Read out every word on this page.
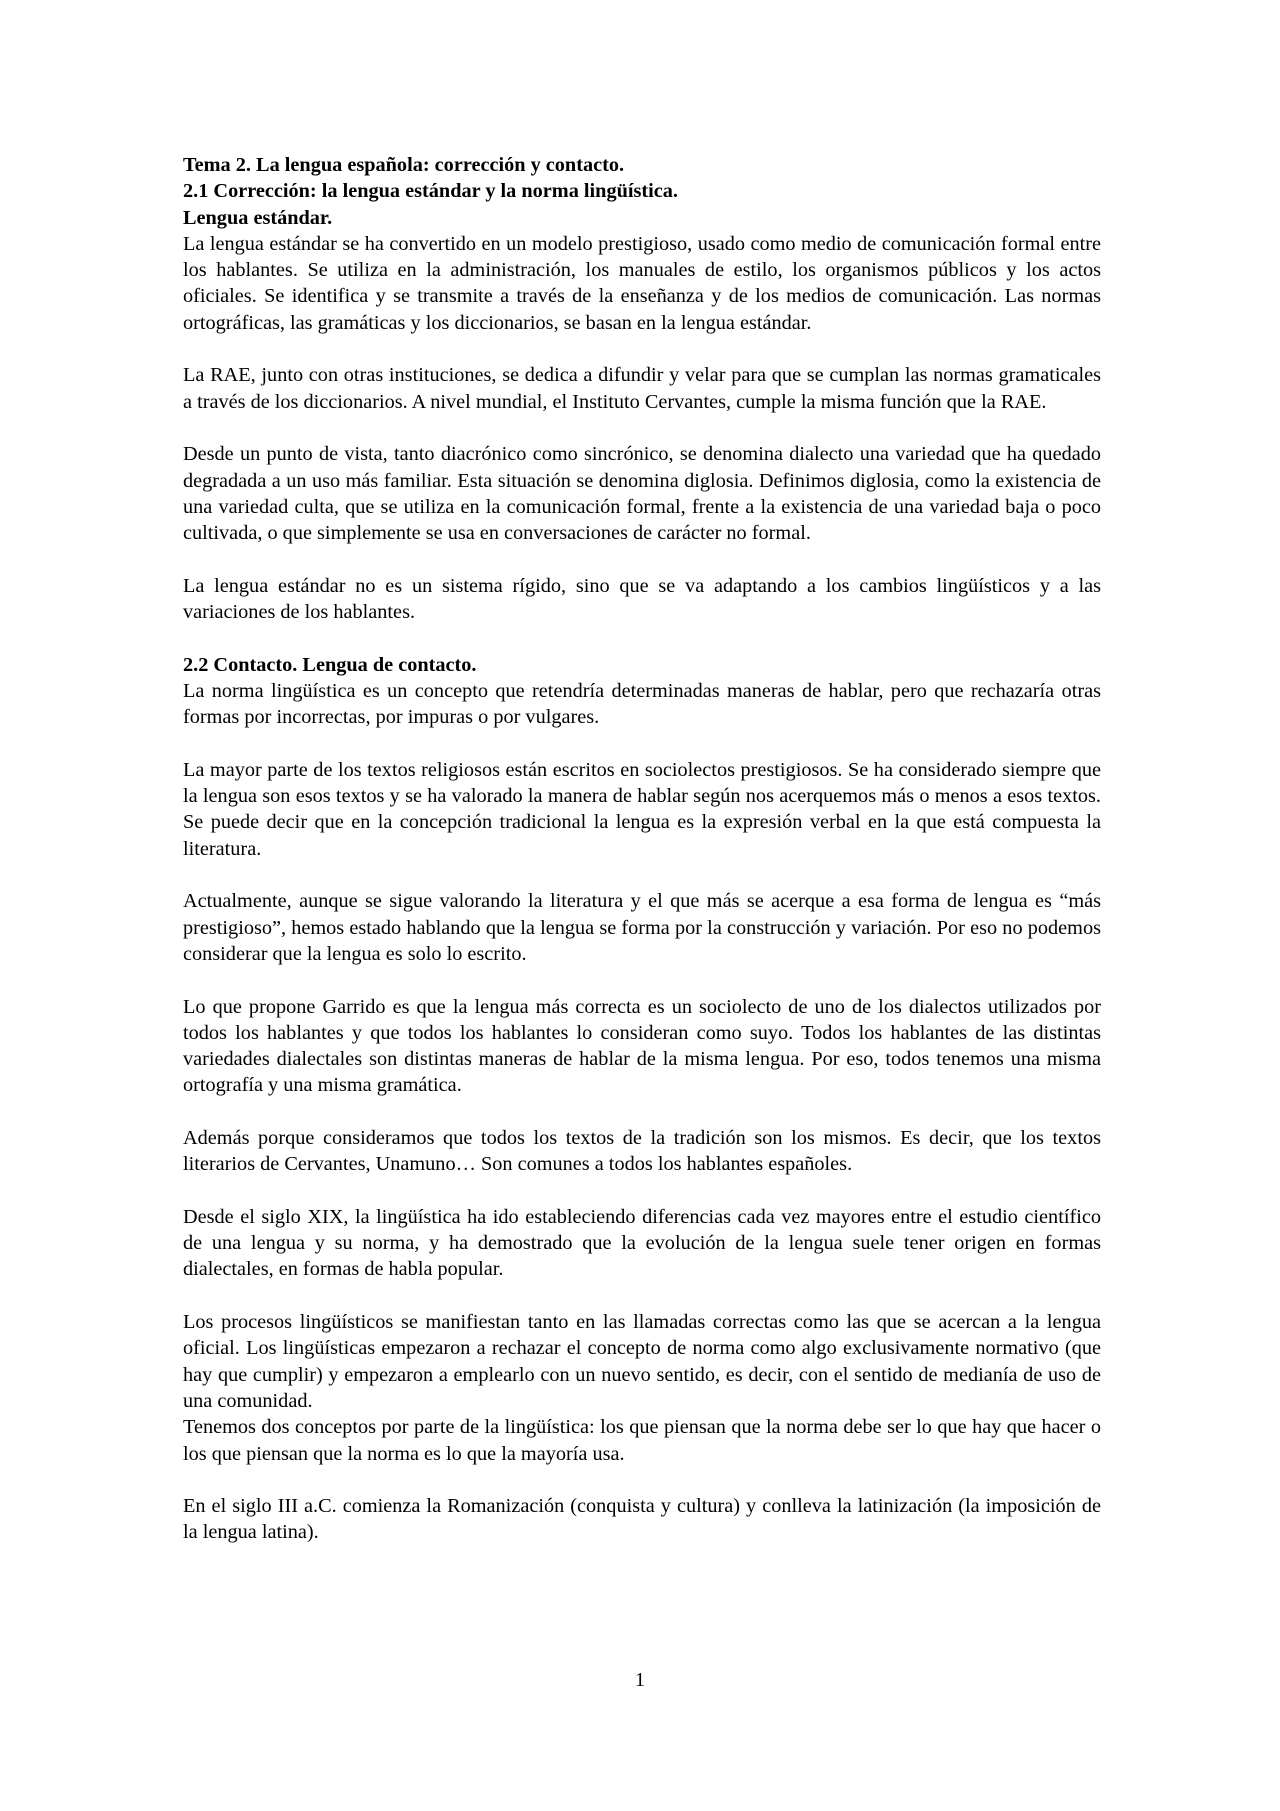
Tema 2. La lengua española: corrección y contacto.

2.1 Corrección: la lengua estándar y la norma lingüística.

Lengua estándar.

La lengua estándar se ha convertido en un modelo prestigioso, usado como medio de comunicación formal entre los hablantes. Se utiliza en la administración, los manuales de estilo, los organismos públicos y los actos oficiales. Se identifica y se transmite a través de la enseñanza y de los medios de comunicación. Las normas ortográficas, las gramáticas y los diccionarios, se basan en la lengua estándar.

La RAE, junto con otras instituciones, se dedica a difundir y velar para que se cumplan las normas gramaticales a través de los diccionarios. A nivel mundial, el Instituto Cervantes, cumple la misma función que la RAE.

Desde un punto de vista, tanto diacrónico como sincrónico, se denomina dialecto una variedad que ha quedado degradada a un uso más familiar. Esta situación se denomina diglosia. Definimos diglosia, como la existencia de una variedad culta, que se utiliza en la comunicación formal, frente a la existencia de una variedad baja o poco cultivada, o que simplemente se usa en conversaciones de carácter no formal.

La lengua estándar no es un sistema rígido, sino que se va adaptando a los cambios lingüísticos y a las variaciones de los hablantes.

2.2 Contacto. Lengua de contacto.

La norma lingüística es un concepto que retendría determinadas maneras de hablar, pero que rechazaría otras formas por incorrectas, por impuras o por vulgares.

La mayor parte de los textos religiosos están escritos en sociolectos prestigiosos. Se ha considerado siempre que la lengua son esos textos y se ha valorado la manera de hablar según nos acerquemos más o menos a esos textos. Se puede decir que en la concepción tradicional la lengua es la expresión verbal en la que está compuesta la literatura.

Actualmente, aunque se sigue valorando la literatura y el que más se acerque a esa forma de lengua es “más prestigioso”, hemos estado hablando que la lengua se forma por la construcción y variación. Por eso no podemos considerar que la lengua es solo lo escrito.

Lo que propone Garrido es que la lengua más correcta es un sociolecto de uno de los dialectos utilizados por todos los hablantes y que todos los hablantes lo consideran como suyo. Todos los hablantes de las distintas variedades dialectales son distintas maneras de hablar de la misma lengua. Por eso, todos tenemos una misma ortografía y una misma gramática.

Además porque consideramos que todos los textos de la tradición son los mismos. Es decir, que los textos literarios de Cervantes, Unamuno… Son comunes a todos los hablantes españoles.

Desde el siglo XIX, la lingüística ha ido estableciendo diferencias cada vez mayores entre el estudio científico de una lengua y su norma, y ha demostrado que la evolución de la lengua suele tener origen en formas dialectales, en formas de habla popular.

Los procesos lingüísticos se manifiestan tanto en las llamadas correctas como las que se acercan a la lengua oficial. Los lingüísticas empezaron a rechazar el concepto de norma como algo exclusivamente normativo (que hay que cumplir) y empezaron a emplearlo con un nuevo sentido, es decir, con el sentido de medianía de uso de una comunidad.

Tenemos dos conceptos por parte de la lingüística: los que piensan que la norma debe ser lo que hay que hacer o los que piensan que la norma es lo que la mayoría usa.

En el siglo III a.C. comienza la Romanización (conquista y cultura) y conlleva la latinización (la imposición de la lengua latina).

1
